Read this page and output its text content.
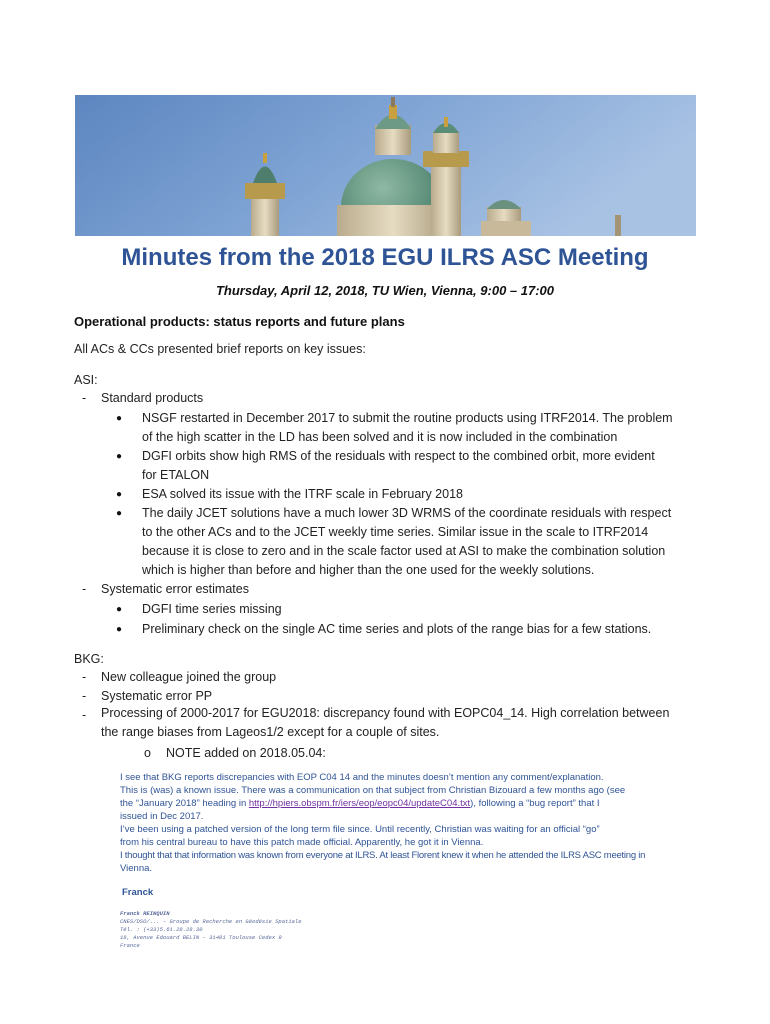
Minutes from the 2018 EGU ILRS ASC Meeting
Thursday, April 12, 2018, TU Wien, Vienna, 9:00 – 17:00
Operational products: status reports and future plans
All ACs & CCs presented brief reports on key issues:
ASI:
- Standard products
● NSGF restarted in December 2017 to submit the routine products using ITRF2014. The problem
of the high scatter in the LD has been solved and it is now included in the combination
● DGFI orbits show high RMS of the residuals with respect to the combined orbit, more evident
for ETALON
● ESA solved its issue with the ITRF scale in February 2018
● The daily JCET solutions have a much lower 3D WRMS of the coordinate residuals with respect
to the other ACs and to the JCET weekly time series. Similar issue in the scale to ITRF2014
because it is close to zero and in the scale factor used at ASI to make the combination solution
which is higher than before and higher than the one used for the weekly solutions.
- Systematic error estimates
● DGFI time series missing
● Preliminary check on the single AC time series and plots of the range bias for a few stations.
BKG:
- New colleague joined the group
- Systematic error PP
- Processing of 2000-2017 for EGU2018: discrepancy found with EOPC04_14. High correlation between
the range biases from Lageos1/2 except for a couple of sites.
o NOTE added on 2018.05.04:
I see that BKG reports discrepancies with EOP C04 14 and the minutes doesn’t mention any comment/explanation.
This is (was) a known issue. There was a communication on that subject from Christian Bizouard a few months ago (see
the “January 2018” heading in http://hpiers.obspm.fr/iers/eop/eopc04/updateC04.txt), following a “bug report” that I
issued in Dec 2017.
I’ve been using a patched version of the long term file since. Until recently, Christian was waiting for an official “go”
from his central bureau to have this patch made official. Apparently, he got it in Vienna.
I thought that that information was known from everyone at ILRS. At least Florent knew it when he attended the ILRS ASC meeting in
Vienna.
Franck
Franck REINQUIN
CNES/DSO/... - Groupe de Recherche en Géodésie Spatiale
Tél. : (+33)5.61.28.28.30
18, Avenue Edouard BELIN - 31401 Toulouse Cedex 9
France
